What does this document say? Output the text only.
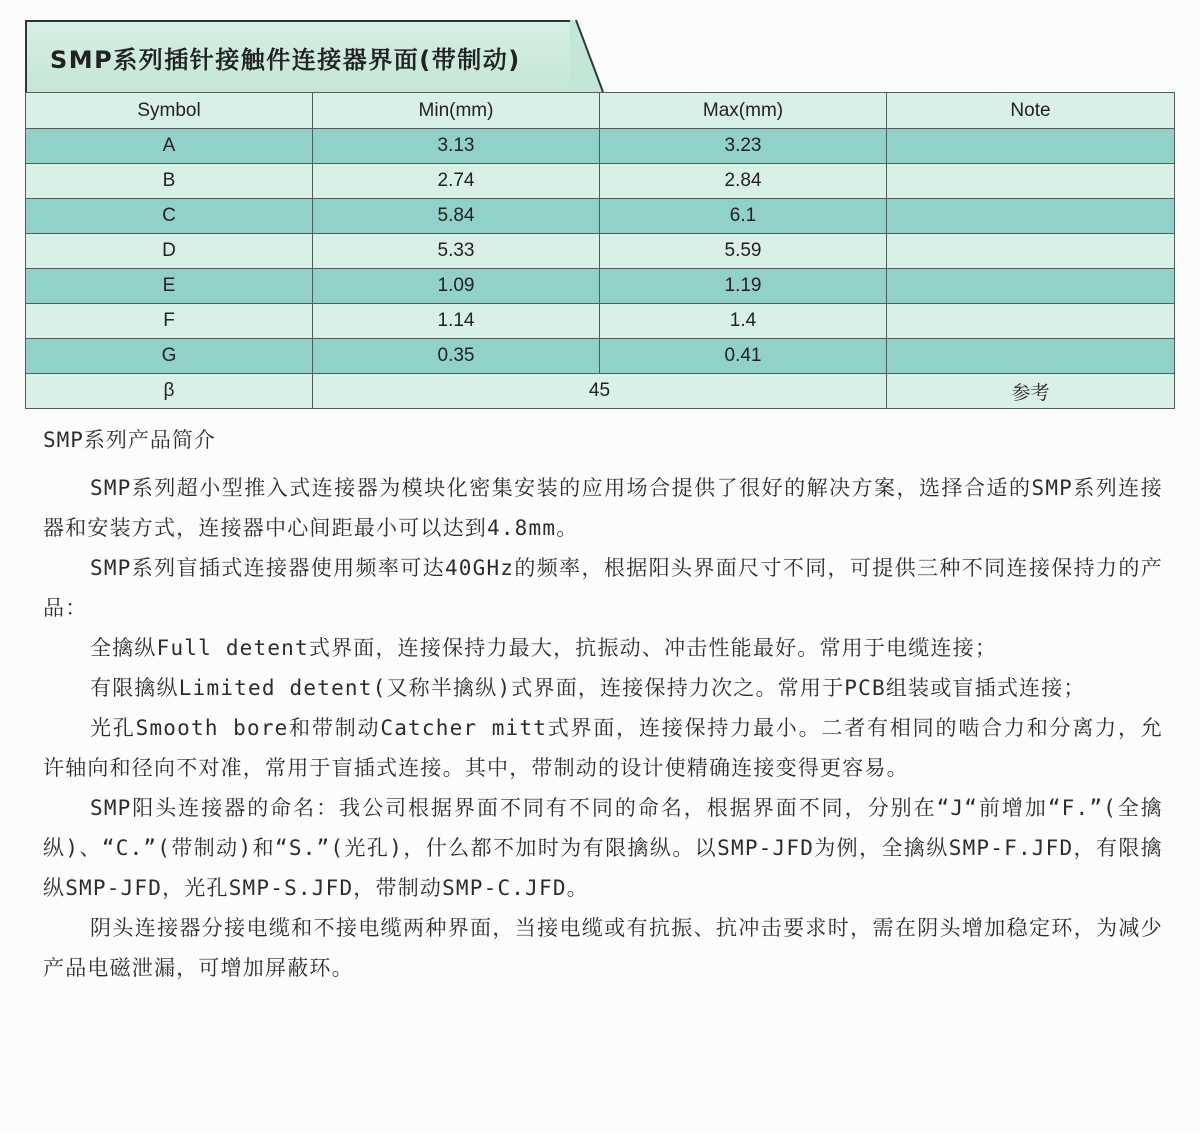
SMP系列插针接触件连接器界面(带制动)
Symbol	Min(mm)	Max(mm)	Note
A	3.13	3.23	
B	2.74	2.84	
C	5.84	6.1	
D	5.33	5.59	
E	1.09	1.19	
F	1.14	1.4	
G	0.35	0.41	
β	45		参考
SMP系列产品简介

SMP系列超小型推入式连接器为模块化密集安装的应用场合提供了很好的解决方案，选择合适的SMP系列连接器和安装方式，连接器中心间距最小可以达到4.8mm。

SMP系列盲插式连接器使用频率可达40GHz的频率，根据阳头界面尺寸不同，可提供三种不同连接保持力的产品：

全擒纵Full detent式界面，连接保持力最大，抗振动、冲击性能最好。常用于电缆连接；

有限擒纵Limited detent(又称半擒纵)式界面，连接保持力次之。常用于PCB组装或盲插式连接；

光孔Smooth bore和带制动Catcher mitt式界面，连接保持力最小。二者有相同的啮合力和分离力，允许轴向和径向不对准，常用于盲插式连接。其中，带制动的设计使精确连接变得更容易。

SMP阳头连接器的命名：我公司根据界面不同有不同的命名，根据界面不同，分别在“J“前增加“F.”(全擒纵)、“C.”(带制动)和“S.”(光孔)，什么都不加时为有限擒纵。以SMP-JFD为例，全擒纵SMP-F.JFD，有限擒纵SMP-JFD，光孔SMP-S.JFD，带制动SMP-C.JFD。

阴头连接器分接电缆和不接电缆两种界面，当接电缆或有抗振、抗冲击要求时，需在阴头增加稳定环，为减少产品电磁泄漏，可增加屏蔽环。
